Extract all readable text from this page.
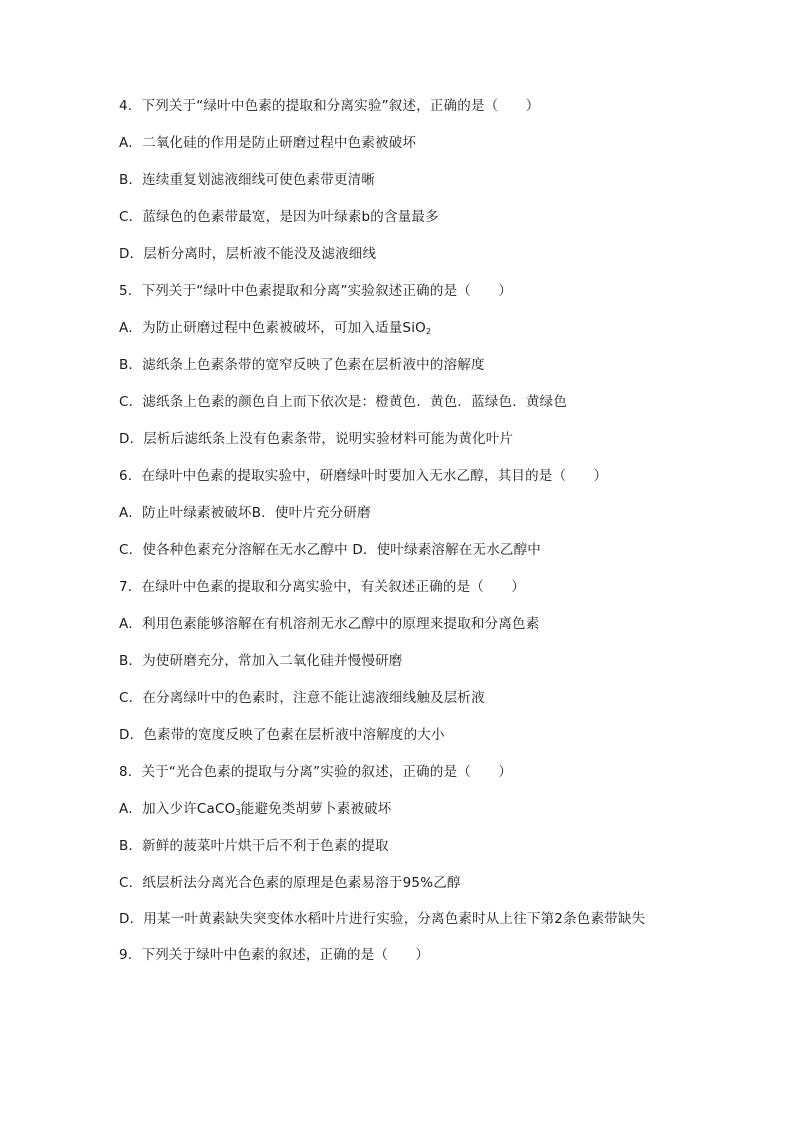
4．下列关于“绿叶中色素的提取和分离实验”叙述，正确的是（　　）
A．二氧化硅的作用是防止研磨过程中色素被破坏
B．连续重复划滤液细线可使色素带更清晰
C．蓝绿色的色素带最宽，是因为叶绿素b的含量最多
D．层析分离时，层析液不能没及滤液细线
5．下列关于“绿叶中色素提取和分离”实验叙述正确的是（　　）
A．为防止研磨过程中色素被破坏，可加入适量SiO$_2$
B．滤纸条上色素条带的宽窄反映了色素在层析液中的溶解度
C．滤纸条上色素的颜色自上而下依次是：橙黄色．黄色．蓝绿色．黄绿色
D．层析后滤纸条上没有色素条带，说明实验材料可能为黄化叶片
6．在绿叶中色素的提取实验中，研磨绿叶时要加入无水乙醇，其目的是（　　）
A．防止叶绿素被破坏B．使叶片充分研磨
C．使各种色素充分溶解在无水乙醇中 D．使叶绿素溶解在无水乙醇中
7．在绿叶中色素的提取和分离实验中，有关叙述正确的是（　　）
A．利用色素能够溶解在有机溶剂无水乙醇中的原理来提取和分离色素
B．为使研磨充分，常加入二氧化硅并慢慢研磨
C．在分离绿叶中的色素时，注意不能让滤液细线触及层析液
D．色素带的宽度反映了色素在层析液中溶解度的大小
8．关于“光合色素的提取与分离”实验的叙述，正确的是（　　）
A．加入少许CaCO$_3$能避免类胡萝卜素被破坏
B．新鲜的菠菜叶片烘干后不利于色素的提取
C．纸层析法分离光合色素的原理是色素易溶于95%乙醇
D．用某一叶黄素缺失突变体水稻叶片进行实验，分离色素时从上往下第2条色素带缺失
9．下列关于绿叶中色素的叙述，正确的是（　　）
